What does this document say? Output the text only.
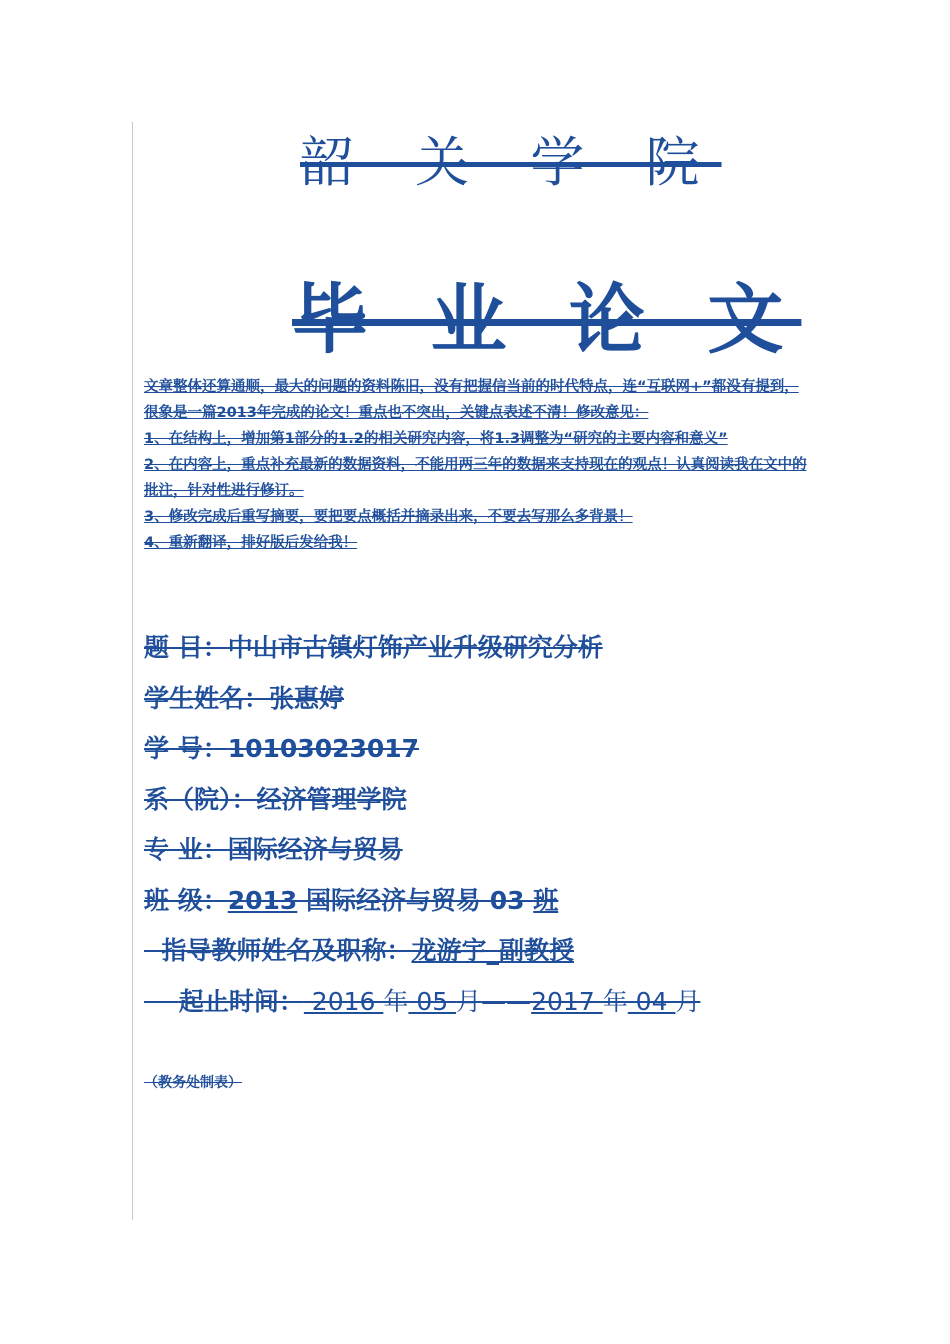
韶 关 学 院
毕 业 论 文

文章整体还算通顺，最大的问题的资料陈旧，没有把握信当前的时代特点，连“互联网+”都没有提到，很象是一篇2013年完成的论文！重点也不突出，关键点表述不清！修改意见：

1、在结构上，增加第1部分的1.2的相关研究内容，将1.3调整为“研究的主要内容和意义”

2、在内容上，重点补充最新的数据资料，不能用两三年的数据来支持现在的观点！认真阅读我在文中的批注，针对性进行修订。

3、修改完成后重写摘要，要把要点概括并摘录出来，不要去写那么多背景！

4、重新翻译，排好版后发给我！

题 目：中山市古镇灯饰产业升级研究分析
学生姓名：张惠婷
学 号：10103023017
系（院）：经济管理学院
专 业：国际经济与贸易
班 级：2013 国际经济与贸易 03 班
指导教师姓名及职称：龙游宇_副教授
起止时间： 2016 年 05 月——2017 年 04 月
（教务处制表）
